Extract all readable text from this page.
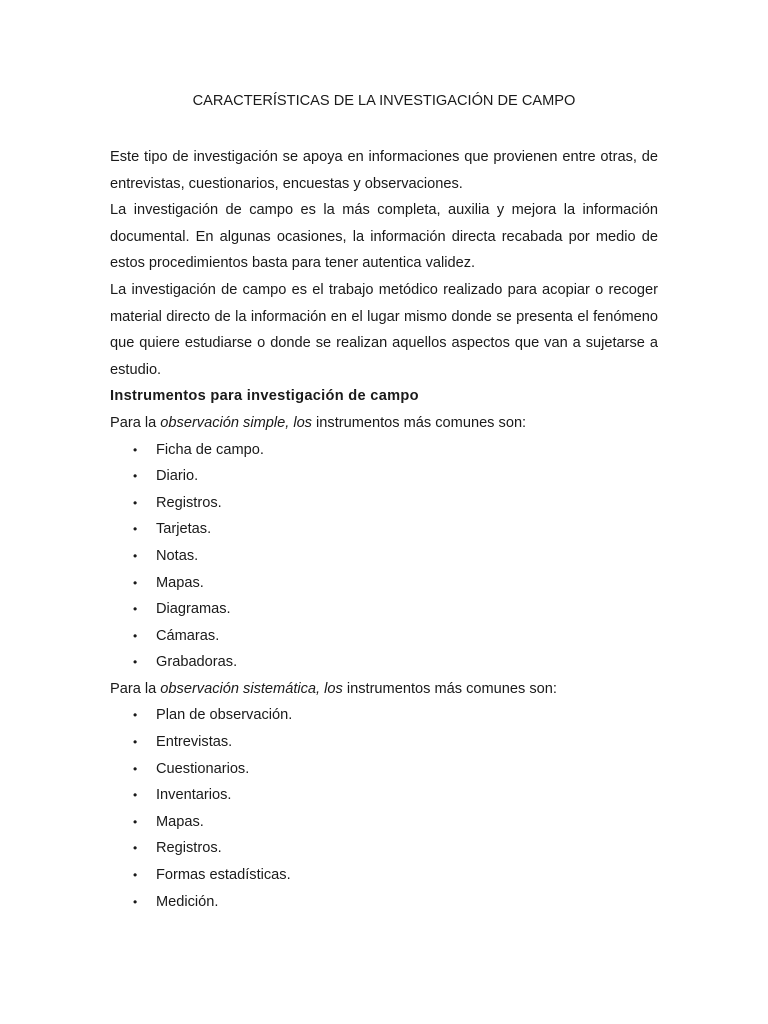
CARACTERÍSTICAS DE LA INVESTIGACIÓN DE CAMPO

Este tipo de investigación se apoya en informaciones que provienen entre otras, de entrevistas, cuestionarios, encuestas y observaciones.

La investigación de campo es la más completa, auxilia y mejora la información documental. En algunas ocasiones, la información directa recabada por medio de estos procedimientos basta para tener autentica validez.

La investigación de campo es el trabajo metódico realizado para acopiar o recoger material directo de la información en el lugar mismo donde se presenta el fenómeno que quiere estudiarse o donde se realizan aquellos aspectos que van a sujetarse a estudio.

Instrumentos para investigación de campo

Para la observación simple, los instrumentos más comunes son:

• Ficha de campo.
• Diario.
• Registros.
• Tarjetas.
• Notas.
• Mapas.
• Diagramas.
• Cámaras.
• Grabadoras.

Para la observación sistemática, los instrumentos más comunes son:

• Plan de observación.
• Entrevistas.
• Cuestionarios.
• Inventarios.
• Mapas.
• Registros.
• Formas estadísticas.
• Medición.
